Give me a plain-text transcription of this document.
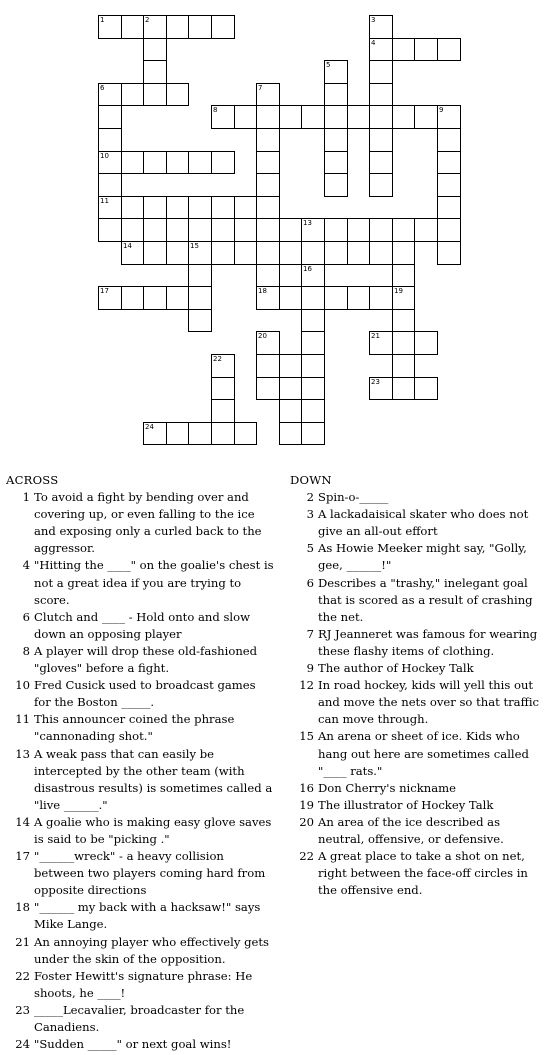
1	2	3
4
5
6
10
11
7
8	9
13
16
19
14	15
17	18
20	21
22
23
24
ACROSS
1 To avoid a fight by bending over and covering up, or even falling to the ice and exposing only a curled back to the aggressor.
4 "Hitting the ____" on the goalie's chest is not a great idea if you are trying to score.
6 Clutch and ____ - Hold onto and slow down an opposing player
8 A player will drop these old-fashioned "gloves" before a fight.
10 Fred Cusick used to broadcast games for the Boston _____.
11 This announcer coined the phrase "cannonading shot."
13 A weak pass that can easily be intercepted by the other team (with disastrous results) is sometimes called a "live ______."
14 A goalie who is making easy glove saves is said to be "picking ."
17 "______wreck" - a heavy collision between two players coming hard from opposite directions
18 "______ my back with a hacksaw!" says Mike Lange.
21 An annoying player who effectively gets under the skin of the opposition.
22 Foster Hewitt's signature phrase: He shoots, he ____!
23 _____Lecavalier, broadcaster for the Canadiens.
24 "Sudden _____" or next goal wins!
DOWN
2 Spin-o-_____
3 A lackadaisical skater who does not give an all-out effort
5 As Howie Meeker might say, "Golly, gee, ______!"
6 Describes a "trashy," inelegant goal that is scored as a result of crashing the net.
7 RJ Jeanneret was famous for wearing these flashy items of clothing.
9 The author of Hockey Talk
12 In road hockey, kids will yell this out and move the nets over so that traffic can move through.
15 An arena or sheet of ice. Kids who hang out here are sometimes called "____ rats."
16 Don Cherry's nickname
19 The illustrator of Hockey Talk
20 An area of the ice described as neutral, offensive, or defensive.
22 A great place to take a shot on net, right between the face-off circles in the offensive end.
